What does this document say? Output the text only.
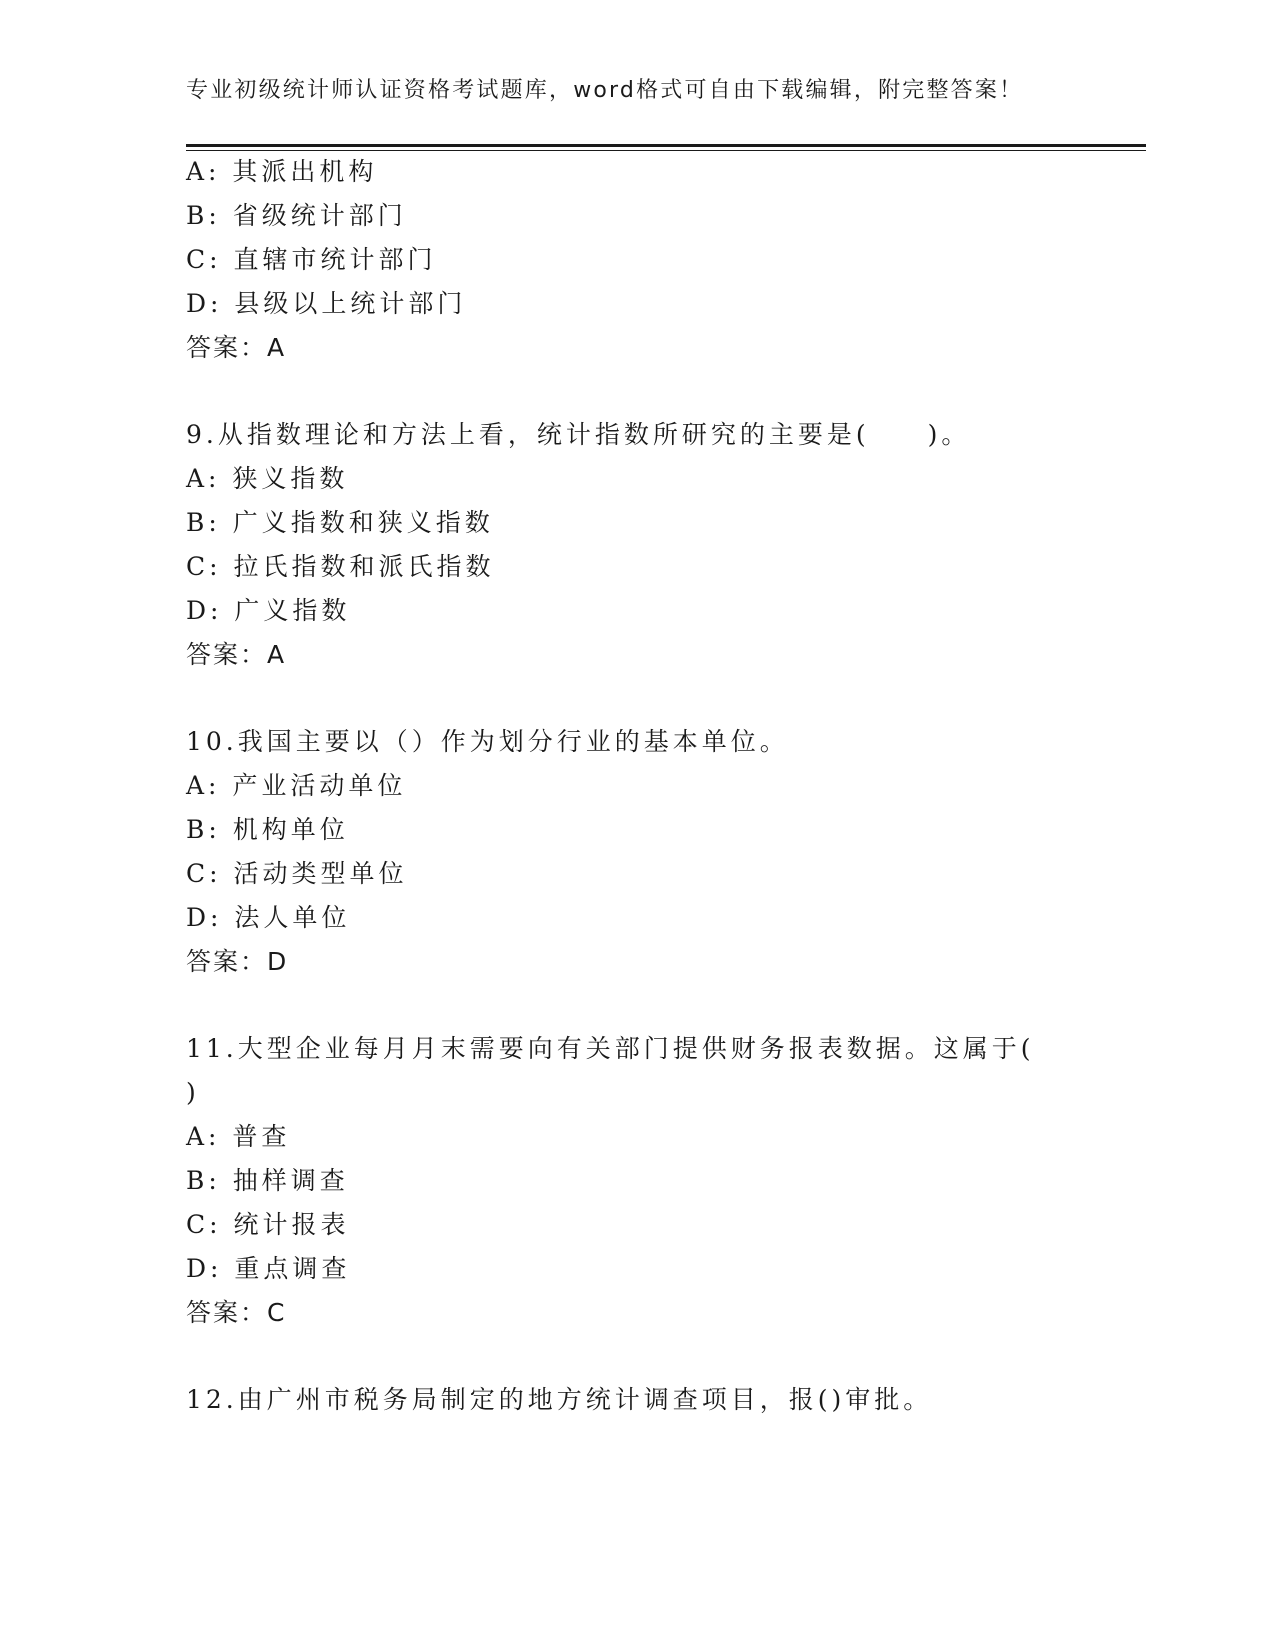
专业初级统计师认证资格考试题库，word格式可自由下载编辑，附完整答案！
A: 其派出机构
B: 省级统计部门
C: 直辖市统计部门
D: 县级以上统计部门
答案：A
9.从指数理论和方法上看，统计指数所研究的主要是(　　)。
A: 狭义指数
B: 广义指数和狭义指数
C: 拉氏指数和派氏指数
D: 广义指数
答案：A
10.我国主要以（）作为划分行业的基本单位。
A: 产业活动单位
B: 机构单位
C: 活动类型单位
D: 法人单位
答案：D
11.大型企业每月月末需要向有关部门提供财务报表数据。这属于(
)
A: 普查
B: 抽样调查
C: 统计报表
D: 重点调查
答案：C
12.由广州市税务局制定的地方统计调查项目，报()审批。
